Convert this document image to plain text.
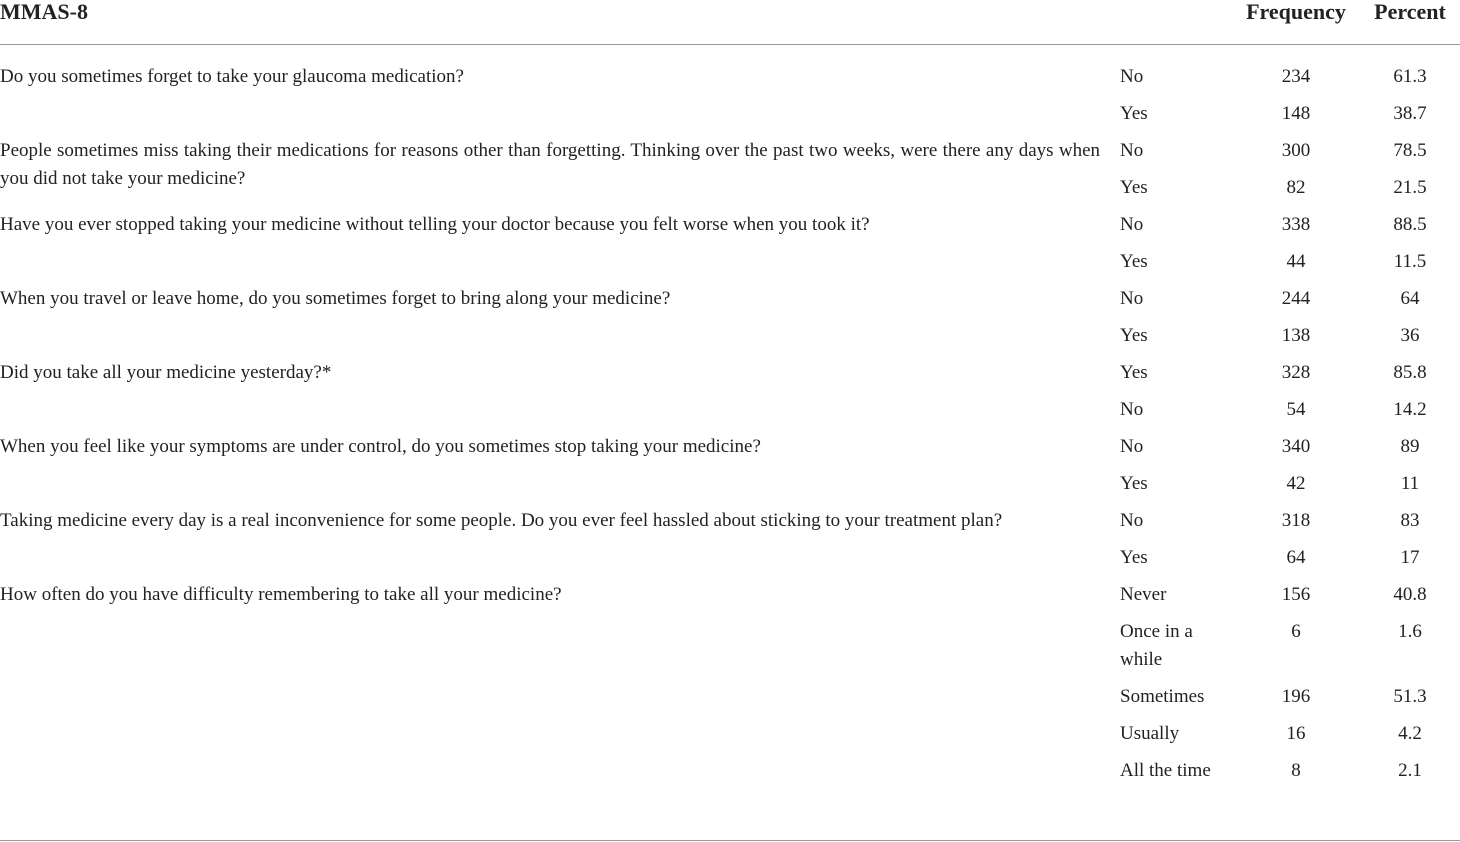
MMAS-8		Frequency	Percent
Do you sometimes forget to take your glaucoma medication?	No	234	61.3
	Yes	148	38.7
People sometimes miss taking their medications for reasons other than forgetting. Thinking over the past two weeks, were there any days when you did not take your medicine?	No	300	78.5
	Yes	82	21.5
Have you ever stopped taking your medicine without telling your doctor because you felt worse when you took it?	No	338	88.5
	Yes	44	11.5
When you travel or leave home, do you sometimes forget to bring along your medicine?	No	244	64
	Yes	138	36
Did you take all your medicine yesterday?*	Yes	328	85.8
	No	54	14.2
When you feel like your symptoms are under control, do you sometimes stop taking your medicine?	No	340	89
	Yes	42	11
Taking medicine every day is a real inconvenience for some people. Do you ever feel hassled about sticking to your treatment plan?	No	318	83
	Yes	64	17
How often do you have difficulty remembering to take all your medicine?	Never	156	40.8
	Once in a while	6	1.6
	Sometimes	196	51.3
	Usually	16	4.2
	All the time	8	2.1
